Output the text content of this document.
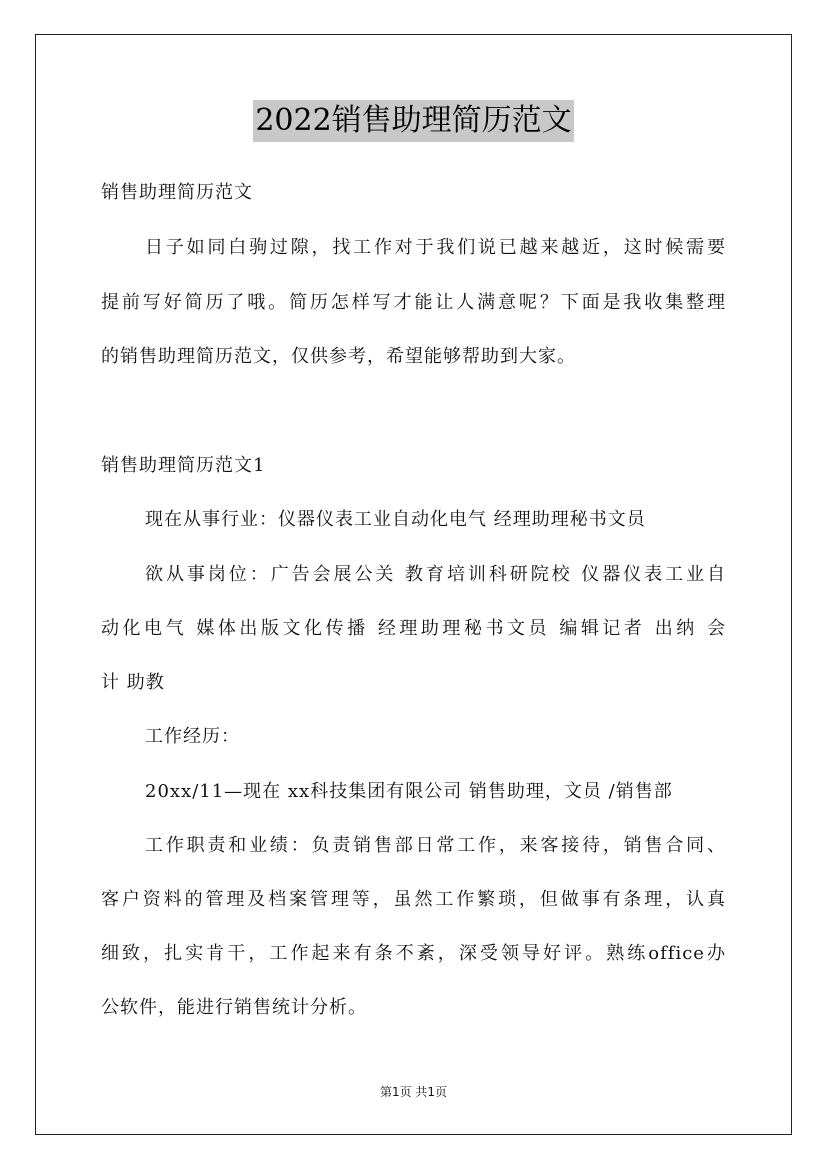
2022销售助理简历范文
销售助理简历范文
日子如同白驹过隙，找工作对于我们说已越来越近，这时候需要
提前写好简历了哦。简历怎样写才能让人满意呢？下面是我收集整理
的销售助理简历范文，仅供参考，希望能够帮助到大家。
销售助理简历范文1
现在从事行业：仪器仪表工业自动化电气 经理助理秘书文员
欲从事岗位：广告会展公关 教育培训科研院校 仪器仪表工业自
动化电气 媒体出版文化传播 经理助理秘书文员 编辑记者 出纳 会
计 助教
工作经历：
20xx/11—现在 xx科技集团有限公司 销售助理，文员 /销售部
工作职责和业绩：负责销售部日常工作，来客接待，销售合同、
客户资料的管理及档案管理等，虽然工作繁琐，但做事有条理，认真
细致，扎实肯干，工作起来有条不紊，深受领导好评。熟练office办
公软件，能进行销售统计分析。
第1页 共1页
